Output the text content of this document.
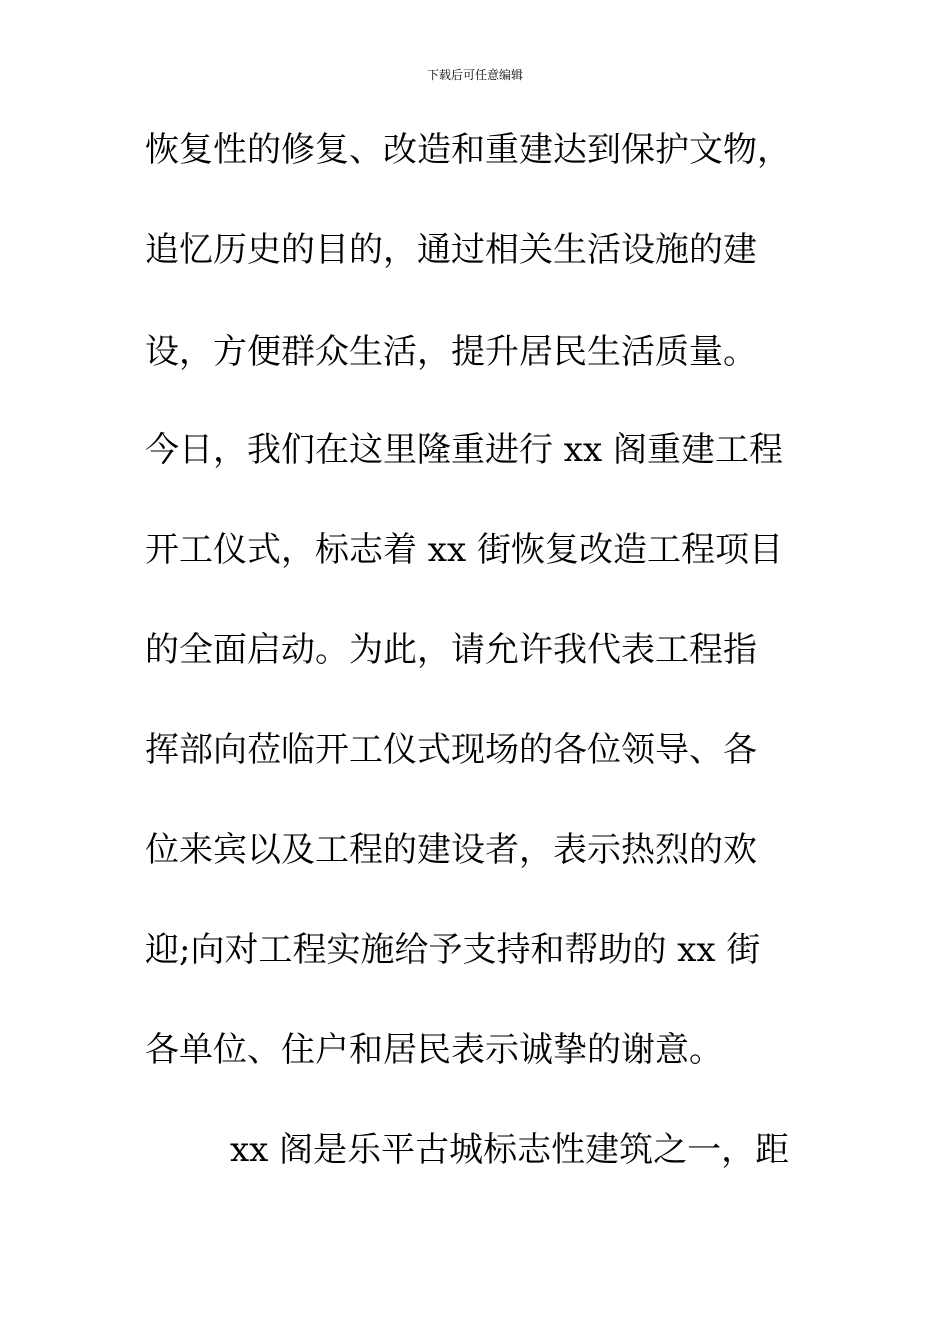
下载后可任意编辑
恢复性的修复、改造和重建达到保护文物，
追忆历史的目的，通过相关生活设施的建
设，方便群众生活，提升居民生活质量。
今日，我们在这里隆重进行 xx 阁重建工程
开工仪式，标志着 xx 街恢复改造工程项目
的全面启动。为此，请允许我代表工程指
挥部向莅临开工仪式现场的各位领导、各
位来宾以及工程的建设者，表示热烈的欢
迎;向对工程实施给予支持和帮助的 xx 街
各单位、住户和居民表示诚挚的谢意。
xx 阁是乐平古城标志性建筑之一，距
